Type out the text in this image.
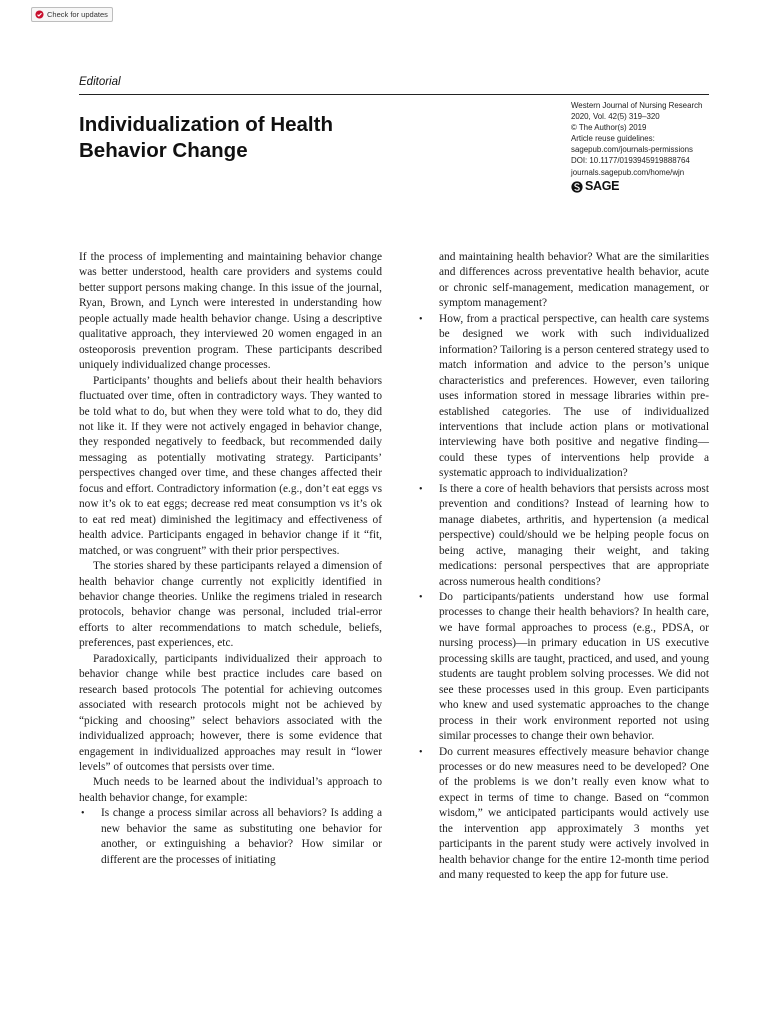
Check for updates
Editorial
Individualization of Health Behavior Change
Western Journal of Nursing Research
2020, Vol. 42(5) 319–320
© The Author(s) 2019
Article reuse guidelines:
sagepub.com/journals-permissions
DOI: 10.1177/0193945919888764
journals.sagepub.com/home/wjn
SAGE

If the process of implementing and maintaining behavior change was better understood, health care providers and systems could better support persons making change. In this issue of the journal, Ryan, Brown, and Lynch were interested in understanding how people actually made health behavior change. Using a descriptive qualitative approach, they interviewed 20 women engaged in an osteoporosis prevention program. These participants described uniquely individualized change processes.

Participants’ thoughts and beliefs about their health behaviors fluctuated over time, often in contradictory ways. They wanted to be told what to do, but when they were told what to do, they did not like it. If they were not actively engaged in behavior change, they responded negatively to feedback, but recommended daily messaging as potentially motivating strategy. Participants’ perspectives changed over time, and these changes affected their focus and effort. Contradictory information (e.g., don’t eat eggs vs now it’s ok to eat eggs; decrease red meat consumption vs it’s ok to eat red meat) diminished the legitimacy and effectiveness of health advice. Participants engaged in behavior change if it “fit, matched, or was congruent” with their prior perspectives.

The stories shared by these participants relayed a dimension of health behavior change currently not explicitly identified in behavior change theories. Unlike the regimens trialed in research protocols, behavior change was personal, included trial-error efforts to alter recommendations to match schedule, beliefs, preferences, past experiences, etc.

Paradoxically, participants individualized their approach to behavior change while best practice includes care based on research based protocols The potential for achieving outcomes associated with research protocols might not be achieved by “picking and choosing” select behaviors associated with the individualized approach; however, there is some evidence that engagement in individualized approaches may result in “lower levels” of outcomes that persists over time.

Much needs to be learned about the individual’s approach to health behavior change, for example:

• Is change a process similar across all behaviors? Is adding a new behavior the same as substituting one behavior for another, or extinguishing a behavior? How similar or different are the processes of initiating

and maintaining health behavior? What are the similarities and differences across preventative health behavior, acute or chronic self-management, medication management, or symptom management?

• How, from a practical perspective, can health care systems be designed we work with such individualized information? Tailoring is a person centered strategy used to match information and advice to the person’s unique characteristics and preferences. However, even tailoring uses information stored in message libraries within pre-established categories. The use of individualized interventions that include action plans or motivational interviewing have both positive and negative finding—could these types of interventions help provide a systematic approach to individualization?
• Is there a core of health behaviors that persists across most prevention and conditions? Instead of learning how to manage diabetes, arthritis, and hypertension (a medical perspective) could/should we be helping people focus on being active, managing their weight, and taking medications: personal perspectives that are appropriate across numerous health conditions?
• Do participants/patients understand how use formal processes to change their health behaviors? In health care, we have formal approaches to process (e.g., PDSA, or nursing process)—in primary education in US executive processing skills are taught, practiced, and used, and young students are taught problem solving processes. We did not see these processes used in this group. Even participants who knew and used systematic approaches to the change process in their work environment reported not using similar processes to change their own behavior.
• Do current measures effectively measure behavior change processes or do new measures need to be developed? One of the problems is we don’t really even know what to expect in terms of time to change. Based on “common wisdom,” we anticipated participants would actively use the intervention app approximately 3 months yet participants in the parent study were actively involved in health behavior change for the entire 12-month time period and many requested to keep the app for future use.
